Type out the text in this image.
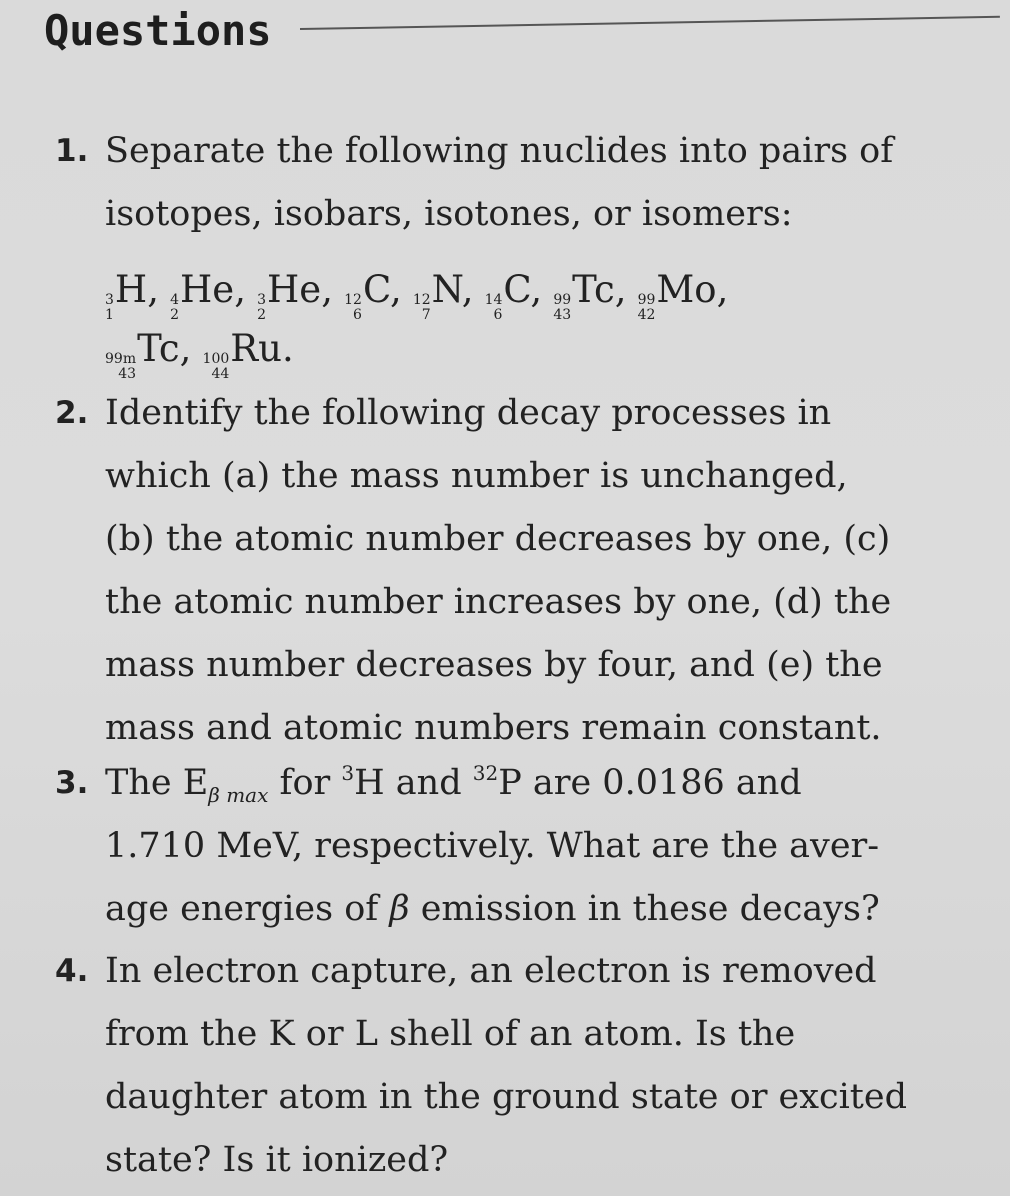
Questions
1. Separate the following nuclides into pairs of
isotopes, isobars, isotones, or isomers:
3
1
H, 4
2
He, 3
2
He, 12
6
C, 12
7
N, 14
6
C, 99
43
Tc, 99
42
Mo,
99m
43
Tc, 100
44
Ru.
2. Identify the following decay processes in
which (a) the mass number is unchanged,
(b) the atomic number decreases by one, (c)
the atomic number increases by one, (d) the
mass number decreases by four, and (e) the
mass and atomic numbers remain constant.
3. The $E_{\beta max}$ for $^3$H and $^{32}$P are 0.0186 and
1.710 MeV, respectively. What are the aver-
age energies of β emission in these decays?
4. In electron capture, an electron is removed
from the K or L shell of an atom. Is the
daughter atom in the ground state or excited
state? Is it ionized?
